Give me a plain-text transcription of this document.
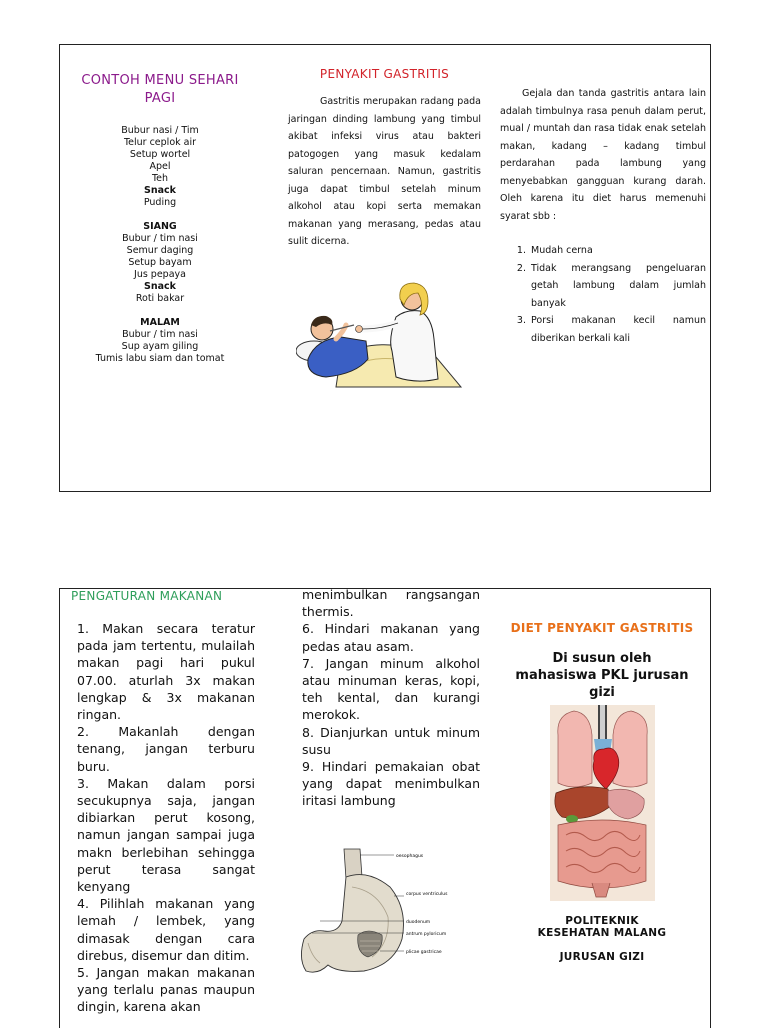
CONTOH MENU SEHARI PAGI
Bubur nasi / Tim
Telur ceplok air
Setup wortel
Apel
Teh
Snack
Puding
SIANG
Bubur / tim nasi
Semur daging
Setup bayam
Jus pepaya
Snack
Roti bakar
MALAM
Bubur / tim nasi
Sup ayam giling
Tumis labu siam dan tomat
PENYAKIT GASTRITIS
Gastritis merupakan radang pada jaringan dinding lambung yang timbul akibat infeksi virus atau bakteri patogogen yang masuk kedalam saluran pencernaan. Namun, gastritis juga dapat timbul setelah minum alkohol atau kopi serta memakan makanan yang merasang, pedas atau sulit dicerna.
Gejala dan tanda gastritis antara lain adalah timbulnya rasa penuh dalam perut, mual / muntah dan rasa tidak enak setelah makan, kadang – kadang timbul perdarahan pada lambung yang menyebabkan gangguan kurang darah. Oleh karena itu diet harus memenuhi syarat sbb :
1. Mudah cerna
2. Tidak merangsang pengeluaran getah lambung dalam jumlah banyak
3. Porsi makanan kecil namun diberikan berkali kali
PENGATURAN MAKANAN

1. Makan secara teratur pada jam tertentu, mulailah makan pagi hari pukul 07.00. aturlah 3x makan lengkap & 3x makanan ringan.

2. Makanlah dengan tenang, jangan terburu buru.

3. Makan dalam porsi secukupnya saja, jangan dibiarkan perut kosong, namun jangan sampai juga makn berlebihan sehingga perut terasa sangat kenyang

4. Pilihlah makanan yang lemah / lembek, yang dimasak dengan cara direbus, disemur dan ditim.

5. Jangan makan makanan yang terlalu panas maupun dingin, karena akan

menimbulkan rangsangan thermis.

6. Hindari makanan yang pedas atau asam.

7. Jangan minum alkohol atau minuman keras, kopi, teh kental, dan kurangi merokok.

8. Dianjurkan untuk minum susu

9. Hindari pemakaian obat yang dapat menimbulkan iritasi lambung

oesophagus
corpus ventriculus
duodenum
antrum pyloricum
plicae gastricae
DIET PENYAKIT GASTRITIS
Di susun oleh mahasiswa PKL jurusan gizi
POLITEKNIK KESEHATAN MALANG
JURUSAN GIZI
